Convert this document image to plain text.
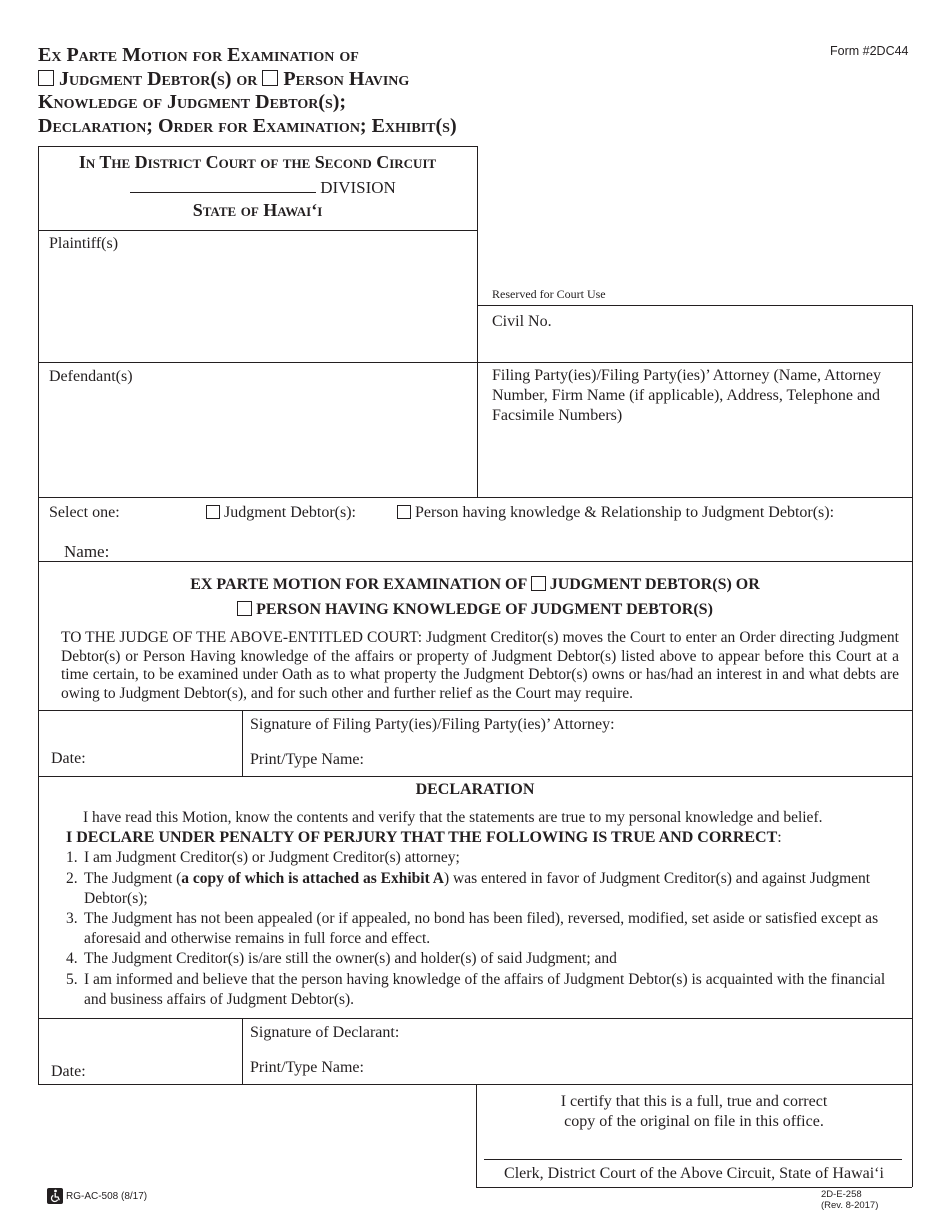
Form #2DC44
Ex Parte Motion for Examination of
Judgment Debtor(s) or Person Having
Knowledge of Judgment Debtor(s);
Declaration; Order for Examination; Exhibit(s)
In The District Court of the Second Circuit
DIVISION
State of Hawai‘i
Plaintiff(s)
Defendant(s)
Reserved for Court Use
Civil No.
Filing Party(ies)/Filing Party(ies)’ Attorney (Name, Attorney Number, Firm Name (if applicable), Address, Telephone and Facsimile Numbers)
Select one:	Judgment Debtor(s):	Person having knowledge & Relationship to Judgment Debtor(s):
Name:
EX PARTE MOTION FOR EXAMINATION OF JUDGMENT DEBTOR(S) OR
PERSON HAVING KNOWLEDGE OF JUDGMENT DEBTOR(S)
TO THE JUDGE OF THE ABOVE-ENTITLED COURT: Judgment Creditor(s) moves the Court to enter an Order directing Judgment Debtor(s) or Person Having knowledge of the affairs or property of Judgment Debtor(s) listed above to appear before this Court at a time certain, to be examined under Oath as to what property the Judgment Debtor(s) owns or has/had an interest in and what debts are owing to Judgment Debtor(s), and for such other and further relief as the Court may require.
Signature of Filing Party(ies)/Filing Party(ies)’ Attorney:
Print/Type Name:
Date:
DECLARATION
I have read this Motion, know the contents and verify that the statements are true to my personal knowledge and belief.
I DECLARE UNDER PENALTY OF PERJURY THAT THE FOLLOWING IS TRUE AND CORRECT:
1. I am Judgment Creditor(s) or Judgment Creditor(s) attorney;
2. The Judgment (a copy of which is attached as Exhibit A) was entered in favor of Judgment Creditor(s) and against Judgment Debtor(s);
3. The Judgment has not been appealed (or if appealed, no bond has been filed), reversed, modified, set aside or satisfied except as aforesaid and otherwise remains in full force and effect.
4. The Judgment Creditor(s) is/are still the owner(s) and holder(s) of said Judgment; and
5. I am informed and believe that the person having knowledge of the affairs of Judgment Debtor(s) is acquainted with the financial and business affairs of Judgment Debtor(s).
Signature of Declarant:
Print/Type Name:
Date:
I certify that this is a full, true and correct
copy of the original on file in this office.
Clerk, District Court of the Above Circuit, State of Hawai‘i
RG-AC-508 (8/17)	2D-E-258
(Rev. 8-2017)
